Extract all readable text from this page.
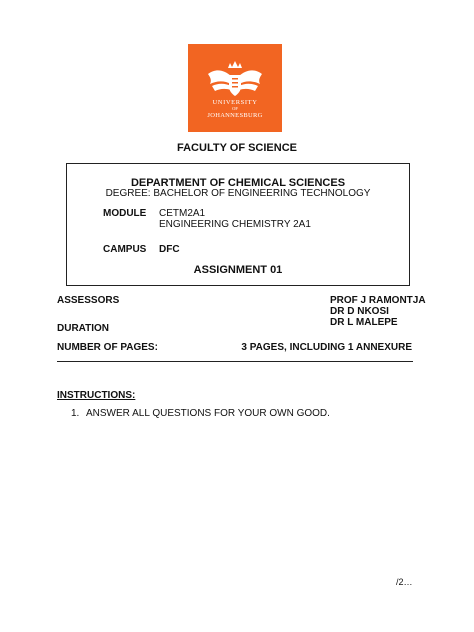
UNIVERSITY
OF
JOHANNESBURG
FACULTY OF SCIENCE
DEPARTMENT OF CHEMICAL SCIENCES
DEGREE: BACHELOR OF ENGINEERING TECHNOLOGY
MODULE CETM2A1
ENGINEERING CHEMISTRY 2A1
CAMPUS DFC
ASSIGNMENT 01
ASSESSORS	PROF J RAMONTJA
DR D NKOSI
DR L MALEPE
DURATION
NUMBER OF PAGES:	3 PAGES, INCLUDING 1 ANNEXURE
INSTRUCTIONS:
1. ANSWER ALL QUESTIONS FOR YOUR OWN GOOD.
/2…
